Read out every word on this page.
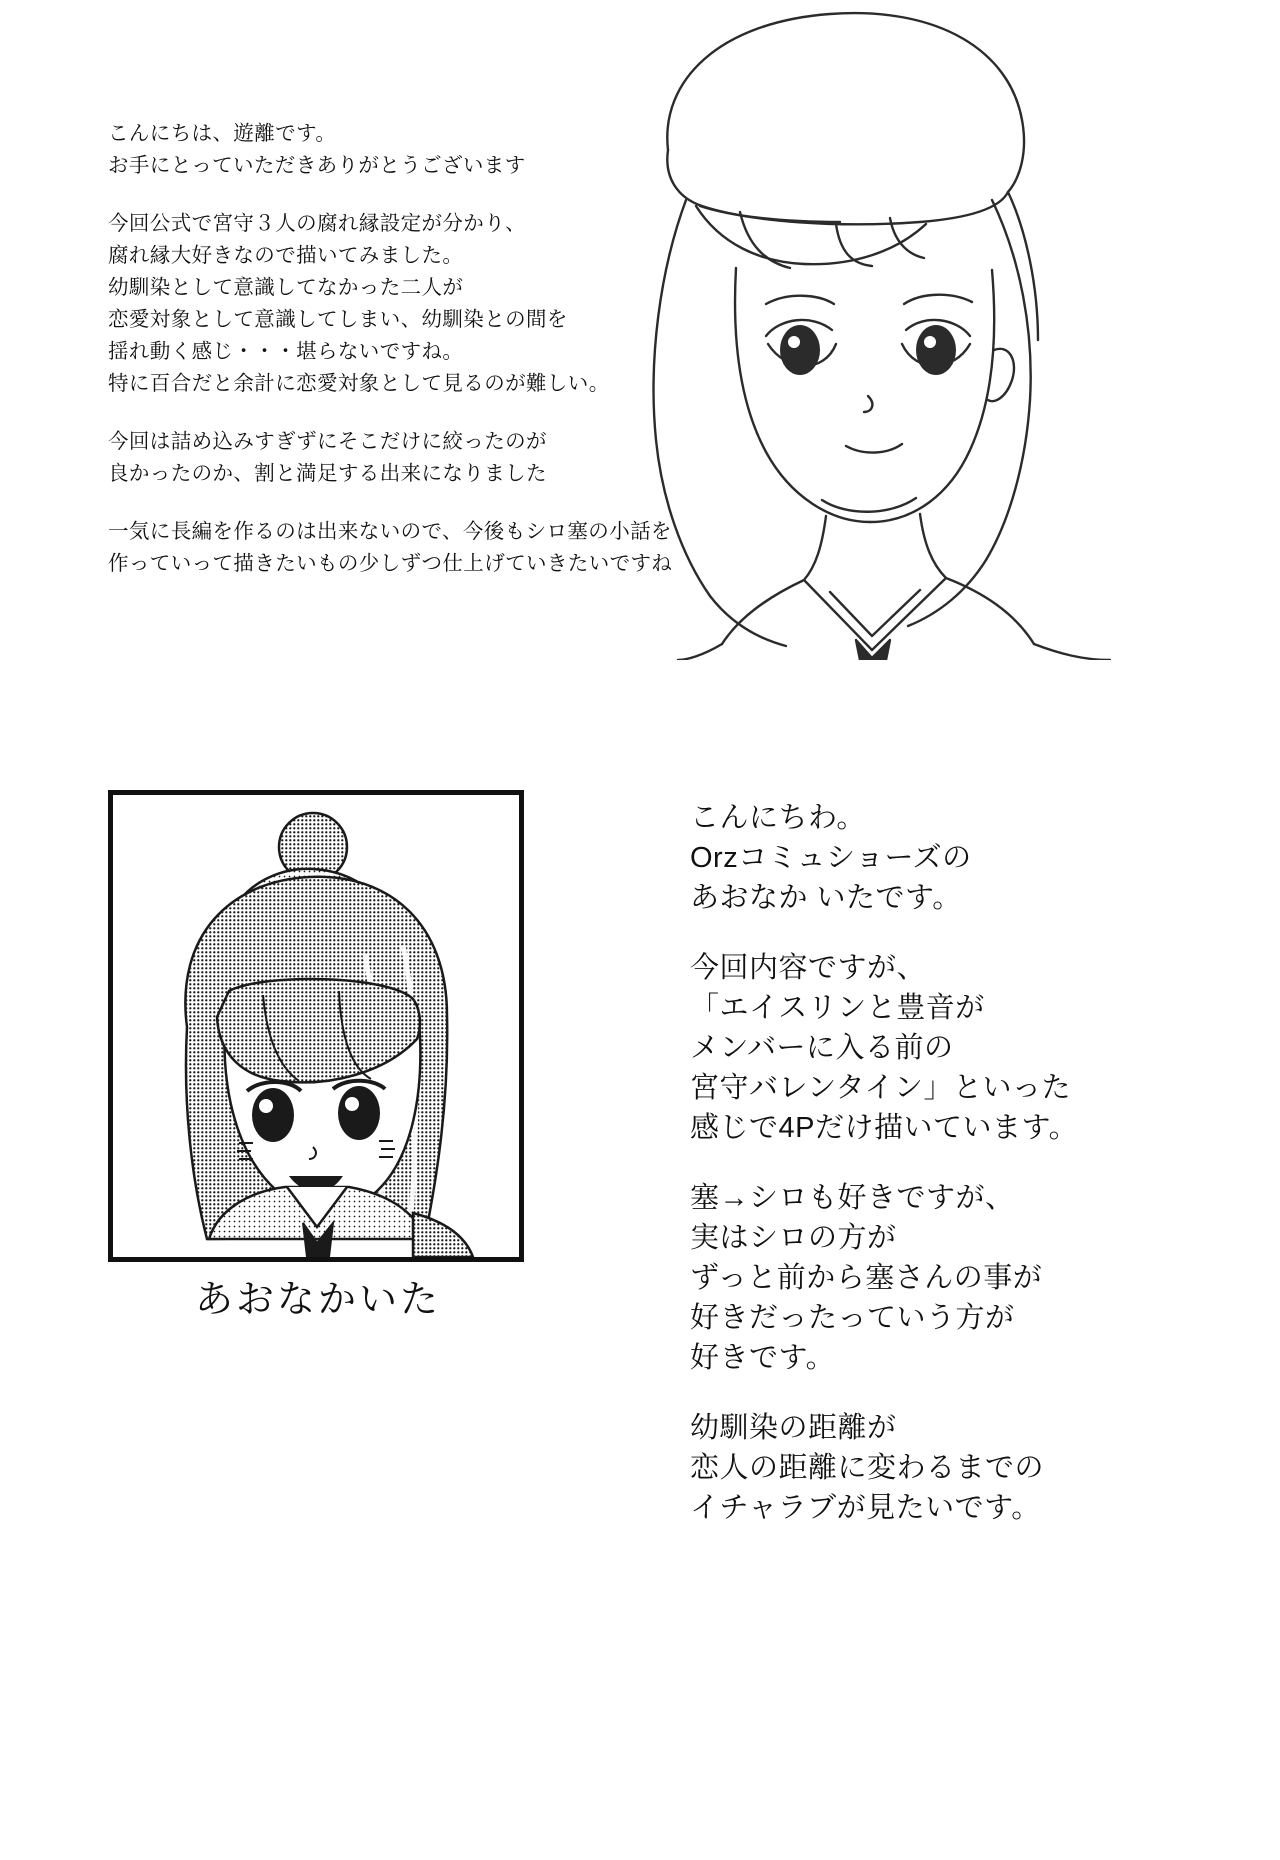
こんにちは、遊離です。
お手にとっていただきありがとうございます
今回公式で宮守３人の腐れ縁設定が分かり、
腐れ縁大好きなので描いてみました。
幼馴染として意識してなかった二人が
恋愛対象として意識してしまい、幼馴染との間を
揺れ動く感じ・・・堪らないですね。
特に百合だと余計に恋愛対象として見るのが難しい。
今回は詰め込みすぎずにそこだけに絞ったのが
良かったのか、割と満足する出来になりました
一気に長編を作るのは出来ないので、今後もシロ塞の小話を
作っていって描きたいもの少しずつ仕上げていきたいですね
あおなかいた
こんにちわ。
Orzコミュショーズの
あおなか いたです。
今回内容ですが、
「エイスリンと豊音が
メンバーに入る前の
宮守バレンタイン」といった
感じで4Pだけ描いています。
塞→シロも好きですが、
実はシロの方が
ずっと前から塞さんの事が
好きだったっていう方が
好きです。
幼馴染の距離が
恋人の距離に変わるまでの
イチャラブが見たいです。
